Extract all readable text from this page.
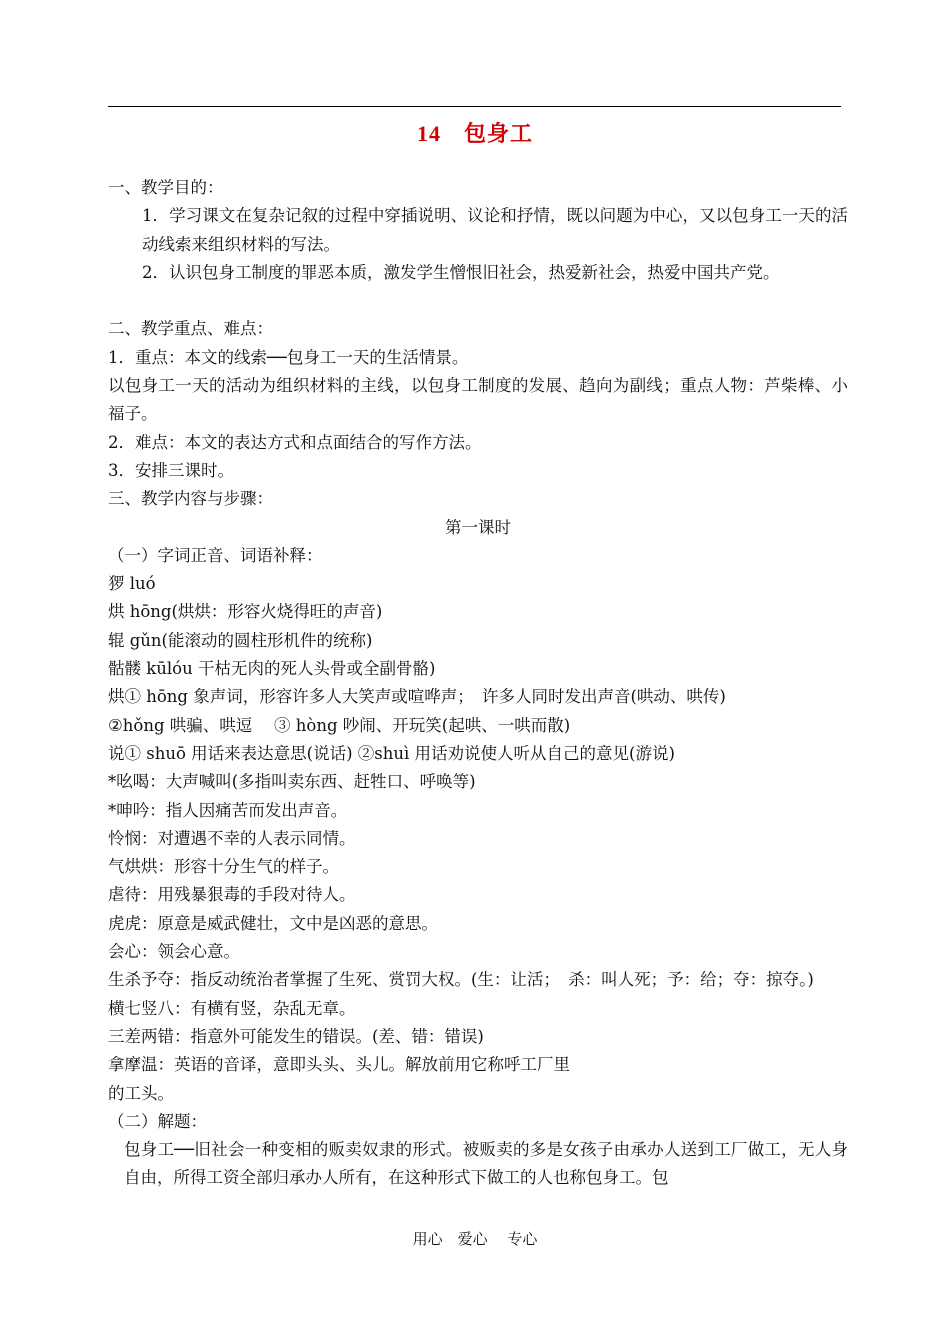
14　包身工

一、教学目的：

1．学习课文在复杂记叙的过程中穿插说明、议论和抒情，既以问题为中心，又以包身工一天的活动线索来组织材料的写法。

2．认识包身工制度的罪恶本质，激发学生憎恨旧社会，热爱新社会，热爱中国共产党。

二、教学重点、难点：

1．重点：本文的线索──包身工一天的生活情景。

以包身工一天的活动为组织材料的主线，以包身工制度的发展、趋向为副线；重点人物：芦柴棒、小福子。

2．难点：本文的表达方式和点面结合的写作方法。

3．安排三课时。

三、教学内容与步骤：

第一课时

（一）字词正音、词语补释：

猡 luó

烘 hōng(烘烘：形容火烧得旺的声音)

辊 gǔn(能滚动的圆柱形机件的统称)

骷髅 kūlóu 干枯无肉的死人头骨或全副骨骼)

烘① hōng 象声词，形容许多人大笑声或喧哗声；　许多人同时发出声音(哄动、哄传)

②hǒng 哄骗、哄逗　 ③ hòng 吵闹、开玩笑(起哄、一哄而散)

说① shuō 用话来表达意思(说话) ②shuì 用话劝说使人听从自己的意见(游说)

*吆喝：大声喊叫(多指叫卖东西、赶牲口、呼唤等)

*呻吟：指人因痛苦而发出声音。

怜悯：对遭遇不幸的人表示同情。

气烘烘：形容十分生气的样子。

虐待：用残暴狠毒的手段对待人。

虎虎：原意是威武健壮，文中是凶恶的意思。

会心：领会心意。

生杀予夺：指反动统治者掌握了生死、赏罚大权。(生：让活；　杀：叫人死；予：给；夺：掠夺。)

横七竖八：有横有竖，杂乱无章。

三差两错：指意外可能发生的错误。(差、错：错误)

拿摩温：英语的音译，意即头头、头儿。解放前用它称呼工厂里

的工头。

（二）解题：

包身工──旧社会一种变相的贩卖奴隶的形式。被贩卖的多是女孩子由承办人送到工厂做工，无人身自由，所得工资全部归承办人所有，在这种形式下做工的人也称包身工。包

用心　爱心　 专心
